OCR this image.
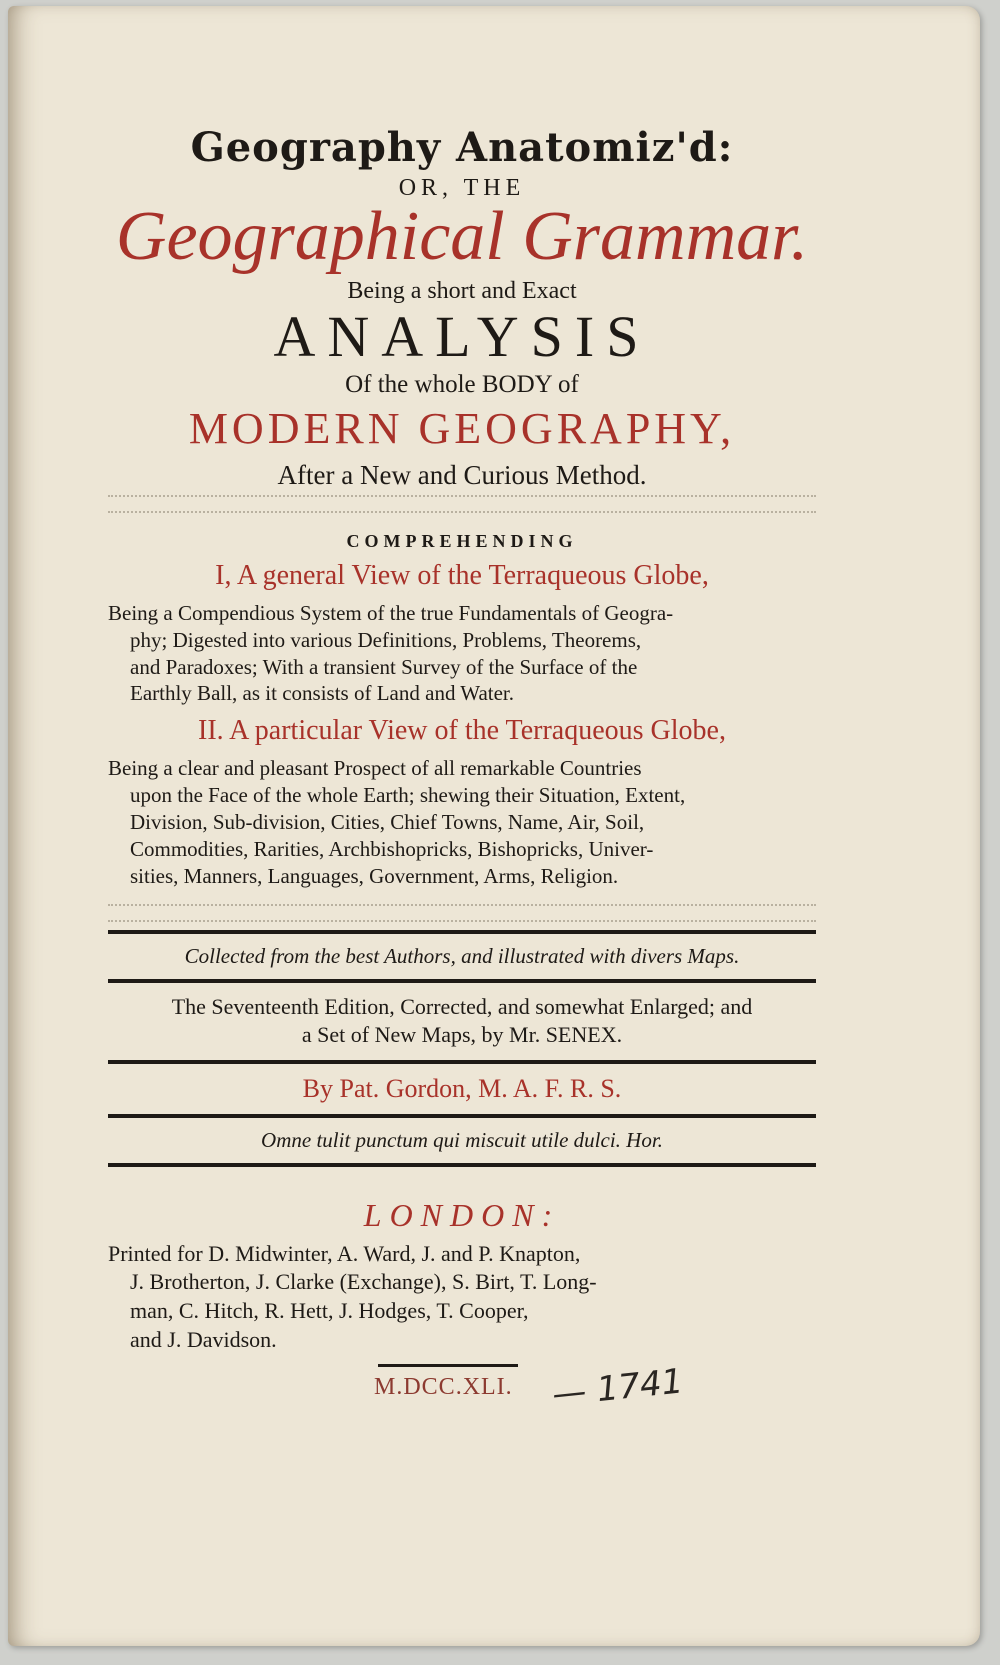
Geography Anatomiz'd:
OR, THE
Geographical Grammar.
Being a short and Exact
ANALYSIS
Of the whole BODY of
MODERN GEOGRAPHY,
After a New and Curious Method.
COMPREHENDING
I, A general View of the Terraqueous Globe,
Being a Compendious System of the true Fundamentals of Geogra-
phy; Digested into various Definitions, Problems, Theorems,
and Paradoxes; With a transient Survey of the Surface of the
Earthly Ball, as it consists of Land and Water.
II. A particular View of the Terraqueous Globe,
Being a clear and pleasant Prospect of all remarkable Countries
upon the Face of the whole Earth; shewing their Situation, Extent,
Division, Sub-division, Cities, Chief Towns, Name, Air, Soil,
Commodities, Rarities, Archbishopricks, Bishopricks, Univer-
sities, Manners, Languages, Government, Arms, Religion.
Collected from the best Authors, and illustrated with divers Maps.
The Seventeenth Edition, Corrected, and somewhat Enlarged; and
a Set of New Maps, by Mr. SENEX.
By Pat. Gordon, M. A. F. R. S.
Omne tulit punctum qui miscuit utile dulci. Hor.
LONDON:
Printed for D. Midwinter, A. Ward, J. and P. Knapton,
J. Brotherton, J. Clarke (Exchange), S. Birt, T. Long-
man, C. Hitch, R. Hett, J. Hodges, T. Cooper,
and J. Davidson.
M.DCC.XLI. — 1741
